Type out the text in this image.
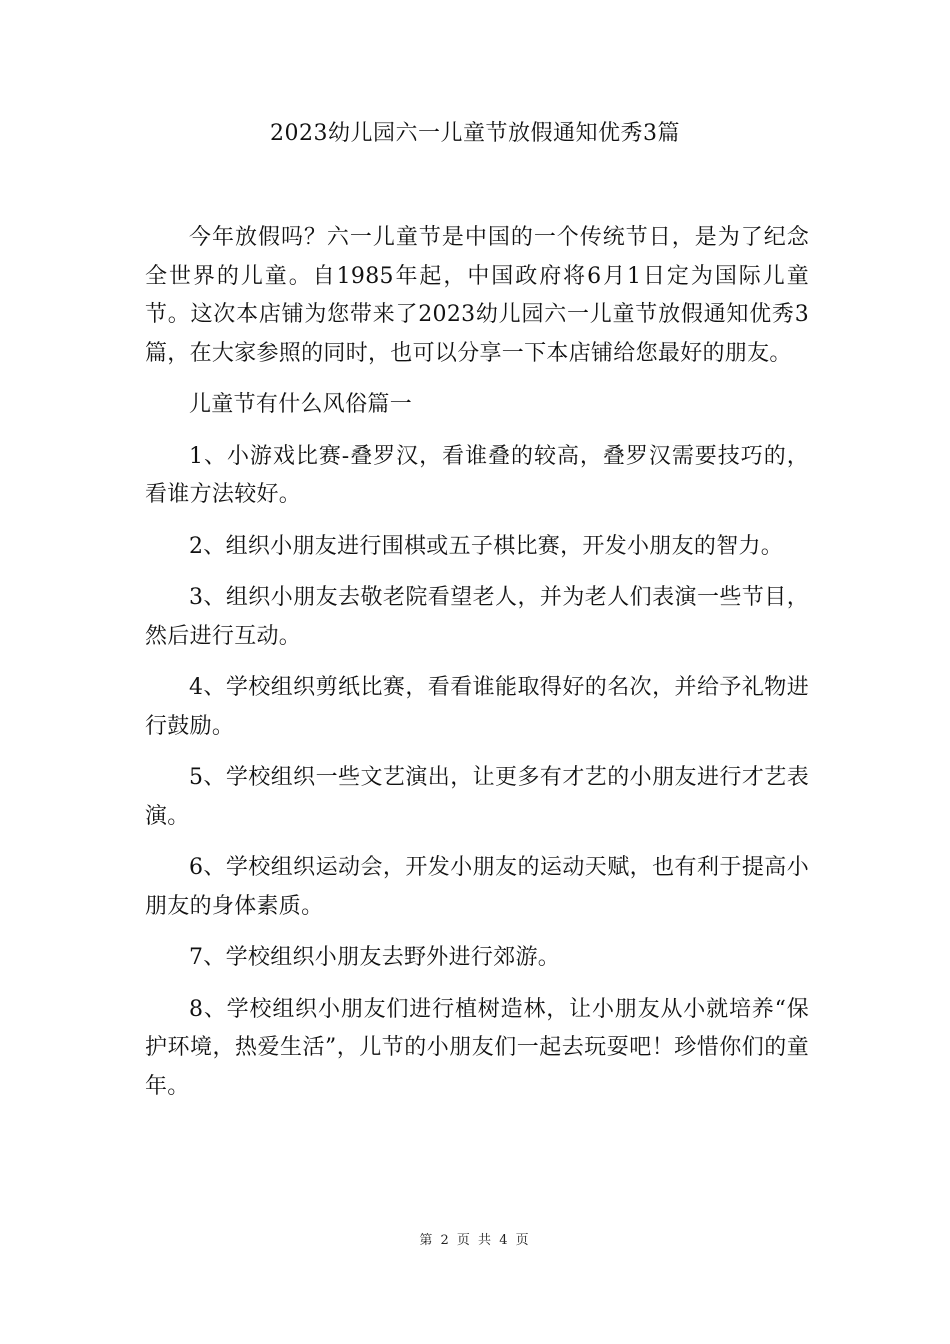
2023幼儿园六一儿童节放假通知优秀3篇

今年放假吗？六一儿童节是中国的一个传统节日，是为了纪念全世界的儿童。自1985年起，中国政府将6月1日定为国际儿童节。这次本店铺为您带来了2023幼儿园六一儿童节放假通知优秀3篇，在大家参照的同时，也可以分享一下本店铺给您最好的朋友。

儿童节有什么风俗篇一

1、小游戏比赛-叠罗汉，看谁叠的较高，叠罗汉需要技巧的，看谁方法较好。

2、组织小朋友进行围棋或五子棋比赛，开发小朋友的智力。

3、组织小朋友去敬老院看望老人，并为老人们表演一些节目，然后进行互动。

4、学校组织剪纸比赛，看看谁能取得好的名次，并给予礼物进行鼓励。

5、学校组织一些文艺演出，让更多有才艺的小朋友进行才艺表演。

6、学校组织运动会，开发小朋友的运动天赋，也有利于提高小朋友的身体素质。

7、学校组织小朋友去野外进行郊游。

8、学校组织小朋友们进行植树造林，让小朋友从小就培养“保护环境，热爱生活”，儿节的小朋友们一起去玩耍吧！珍惜你们的童年。

第 2 页 共 4 页
